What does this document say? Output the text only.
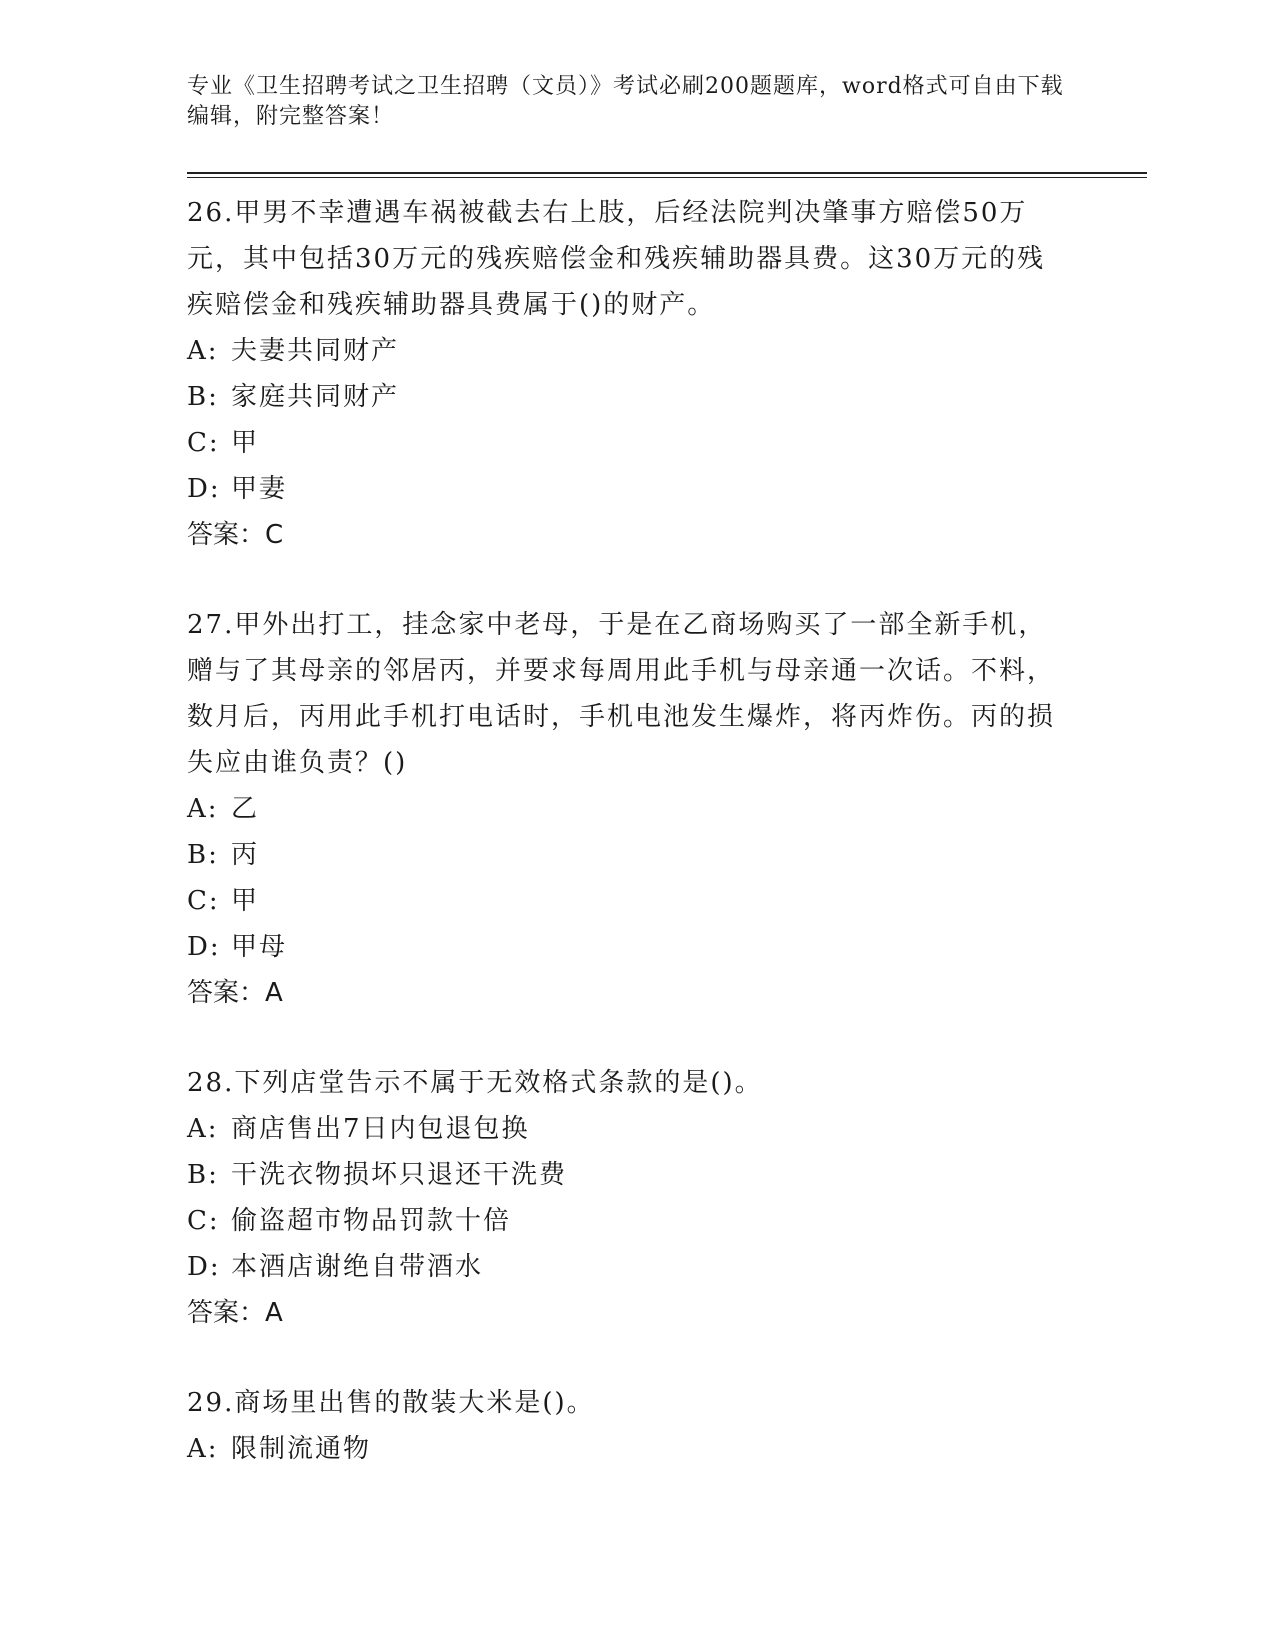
专业《卫生招聘考试之卫生招聘（文员）》考试必刷200题题库，word格式可自由下载编辑，附完整答案！
26.甲男不幸遭遇车祸被截去右上肢，后经法院判决肇事方赔偿50万元，其中包括30万元的残疾赔偿金和残疾辅助器具费。这30万元的残疾赔偿金和残疾辅助器具费属于()的财产。
A: 夫妻共同财产
B: 家庭共同财产
C: 甲
D: 甲妻
答案：C
27.甲外出打工，挂念家中老母，于是在乙商场购买了一部全新手机，赠与了其母亲的邻居丙，并要求每周用此手机与母亲通一次话。不料，数月后，丙用此手机打电话时，手机电池发生爆炸，将丙炸伤。丙的损失应由谁负责？()
A: 乙
B: 丙
C: 甲
D: 甲母
答案：A
28.下列店堂告示不属于无效格式条款的是()。
A: 商店售出7日内包退包换
B: 干洗衣物损坏只退还干洗费
C: 偷盗超市物品罚款十倍
D: 本酒店谢绝自带酒水
答案：A
29.商场里出售的散装大米是()。
A: 限制流通物
